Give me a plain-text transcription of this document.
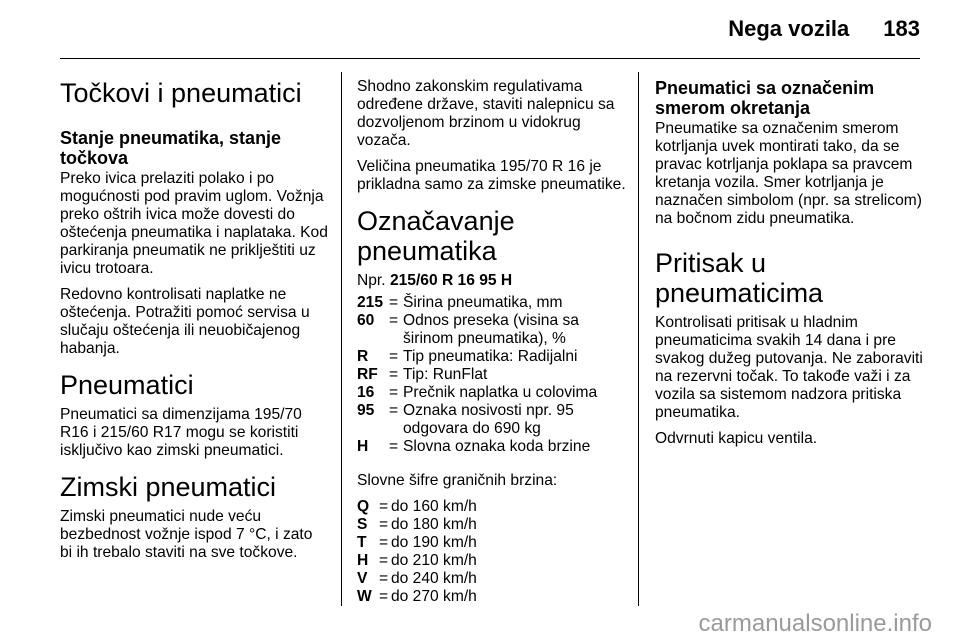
Nega vozila 183
Točkovi i pneumatici
Stanje pneumatika, stanje točkova

Preko ivica prelaziti polako i po mogućnosti pod pravim uglom. Vožnja preko oštrih ivica može dovesti do oštećenja pneumatika i naplataka. Kod parkiranja pneumatik ne priklještiti uz ivicu trotoara.

Redovno kontrolisati naplatke ne oštećenja. Potražiti pomoć servisa u slučaju oštećenja ili neuobičajenog habanja.

Pneumatici

Pneumatici sa dimenzijama 195/70 R16 i 215/60 R17 mogu se koristiti isključivo kao zimski pneumatici.

Zimski pneumatici

Zimski pneumatici nude veću bezbednost vožnje ispod 7 °C, i zato bi ih trebalo staviti na sve točkove.

Shodno zakonskim regulativama određene države, staviti nalepnicu sa dozvoljenom brzinom u vidokrug vozača.

Veličina pneumatika 195/70 R 16 je prikladna samo za zimske pneumatike.

Označavanje pneumatika

Npr. 215/60 R 16 95 H

215 = Širina pneumatika, mm
60 = Odnos preseka (visina sa širinom pneumatika), %
R	= Tip pneumatika: Radijalni
RF = Tip: RunFlat
16 = Prečnik naplatka u colovima
95 = Oznaka nosivosti npr. 95 odgovara do 690 kg
H	= Slovna oznaka koda brzine

Slovne šifre graničnih brzina:

Q = do 160 km/h
S = do 180 km/h
T = do 190 km/h
H = do 210 km/h
V = do 240 km/h
W = do 270 km/h
Pneumatici sa označenim smerom okretanja

Pneumatike sa označenim smerom kotrljanja uvek montirati tako, da se pravac kotrljanja poklapa sa pravcem kretanja vozila. Smer kotrljanja je naznačen simbolom (npr. sa strelicom) na bočnom zidu pneumatika.

Pritisak u pneumaticima

Kontrolisati pritisak u hladnim pneumaticima svakih 14 dana i pre svakog dužeg putovanja. Ne zaboraviti na rezervni točak. To takođe važi i za vozila sa sistemom nadzora pritiska pneumatika.

Odvrnuti kapicu ventila.

carmanualsonline.info
